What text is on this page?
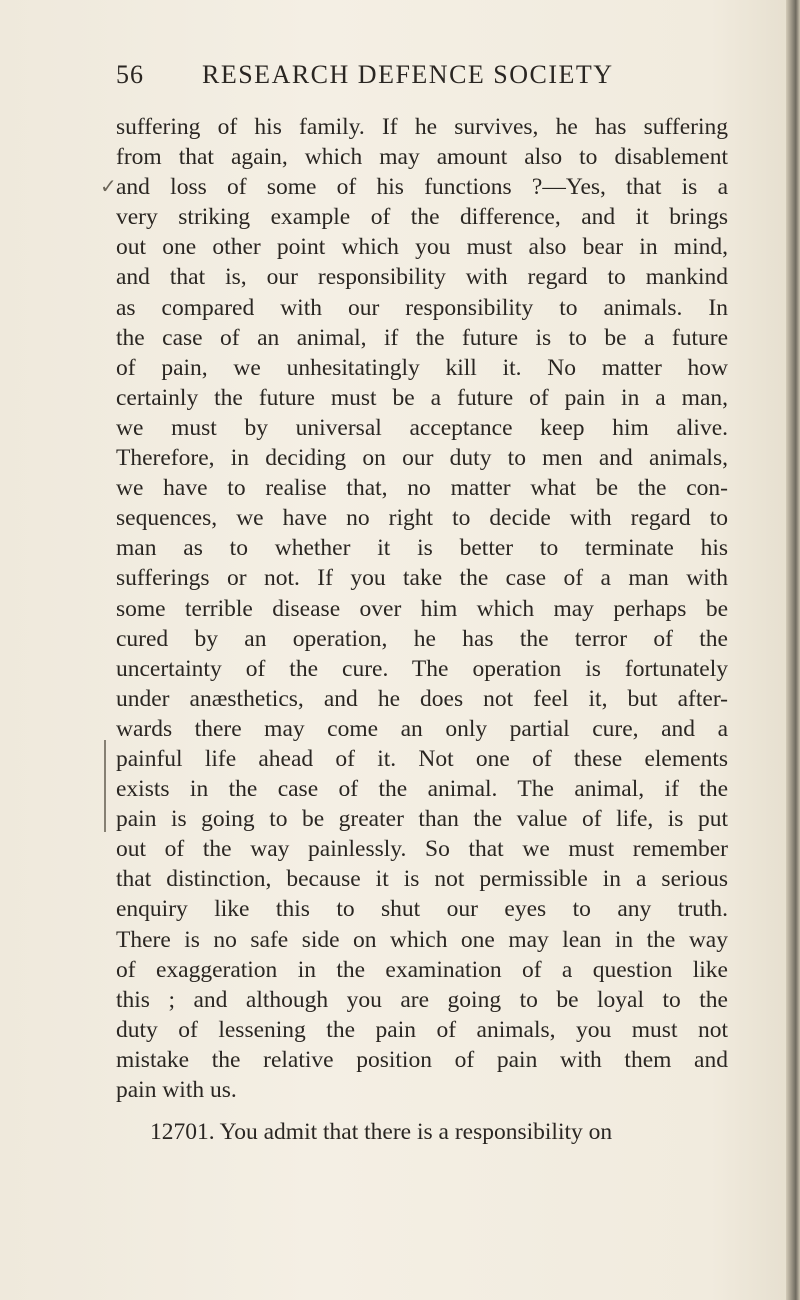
56 RESEARCH DEFENCE SOCIETY
✓
suffering of his family. If he survives, he has suffering
from that again, which may amount also to disablement
and loss of some of his functions ?—Yes, that is a
very striking example of the difference, and it brings
out one other point which you must also bear in mind,
and that is, our responsibility with regard to mankind
as compared with our responsibility to animals. In
the case of an animal, if the future is to be a future
of pain, we unhesitatingly kill it. No matter how
certainly the future must be a future of pain in a man,
we must by universal acceptance keep him alive.
Therefore, in deciding on our duty to men and animals,
we have to realise that, no matter what be the con-
sequences, we have no right to decide with regard to
man as to whether it is better to terminate his
sufferings or not. If you take the case of a man with
some terrible disease over him which may perhaps be
cured by an operation, he has the terror of the
uncertainty of the cure. The operation is fortunately
under anæsthetics, and he does not feel it, but after-
wards there may come an only partial cure, and a
painful life ahead of it. Not one of these elements
exists in the case of the animal. The animal, if the
pain is going to be greater than the value of life, is put
out of the way painlessly. So that we must remember
that distinction, because it is not permissible in a serious
enquiry like this to shut our eyes to any truth.
There is no safe side on which one may lean in the way
of exaggeration in the examination of a question like
this ; and although you are going to be loyal to the
duty of lessening the pain of animals, you must not
mistake the relative position of pain with them and
pain with us.
12701. You admit that there is a responsibility on
